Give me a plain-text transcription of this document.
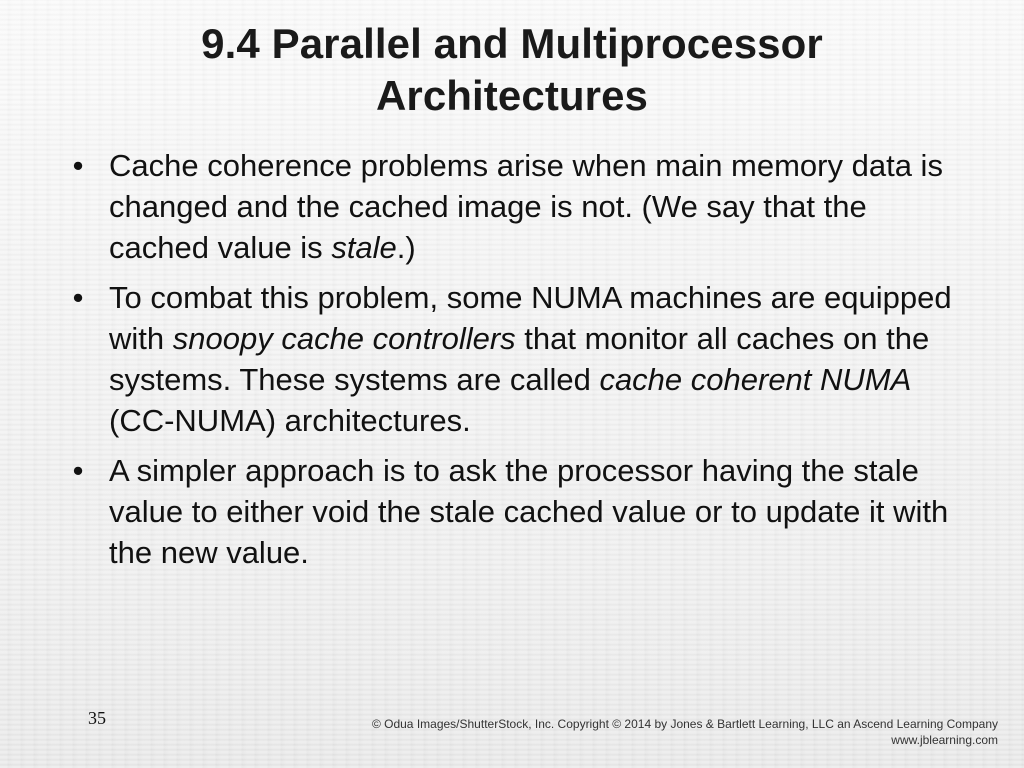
9.4 Parallel and Multiprocessor
Architectures
• Cache coherence problems arise when main memory data is changed and the cached image is not. (We say that the cached value is stale.)
• To combat this problem, some NUMA machines are equipped with snoopy cache controllers that monitor all caches on the systems. These systems are called cache coherent NUMA (CC-NUMA) architectures.
• A simpler approach is to ask the processor having the stale value to either void the stale cached value or to update it with the new value.
35	© Odua Images/ShutterStock, Inc. Copyright © 2014 by Jones & Bartlett Learning, LLC an Ascend Learning Company
www.jblearning.com
